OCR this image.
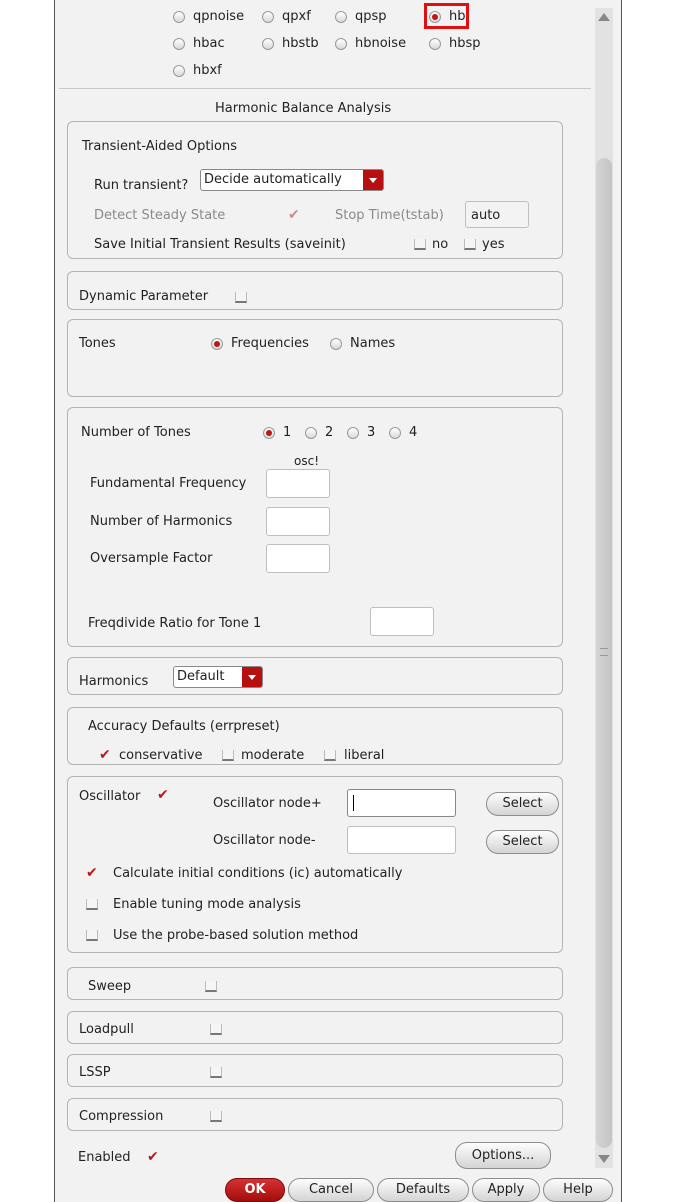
qpnoise	qpxf	qpsp	hb
hbac	hbstb	hbnoise	hbsp
hbxf
Harmonic Balance Analysis
Transient-Aided Options
Run transient? Decide automatically
Detect Steady State	✔	Stop Time(tstab) auto
Save Initial Transient Results (saveinit)	no	yes
Dynamic Parameter
Tones	Frequencies	Names
Number of Tones	1	2	3	4
osc!
Fundamental Frequency
Number of Harmonics
Oversample Factor
Freqdivide Ratio for Tone 1
Harmonics Default
Accuracy Defaults (errpreset)
✔ conservative	moderate	liberal
Oscillator ✔
Oscillator node+	Select
Oscillator node-	Select
✔ Calculate initial conditions (ic) automatically
Enable tuning mode analysis
Use the probe-based solution method
Sweep
Loadpull
LSSP
Compression
Enabled ✔	Options...
OK	Cancel	Defaults	Apply	Help
